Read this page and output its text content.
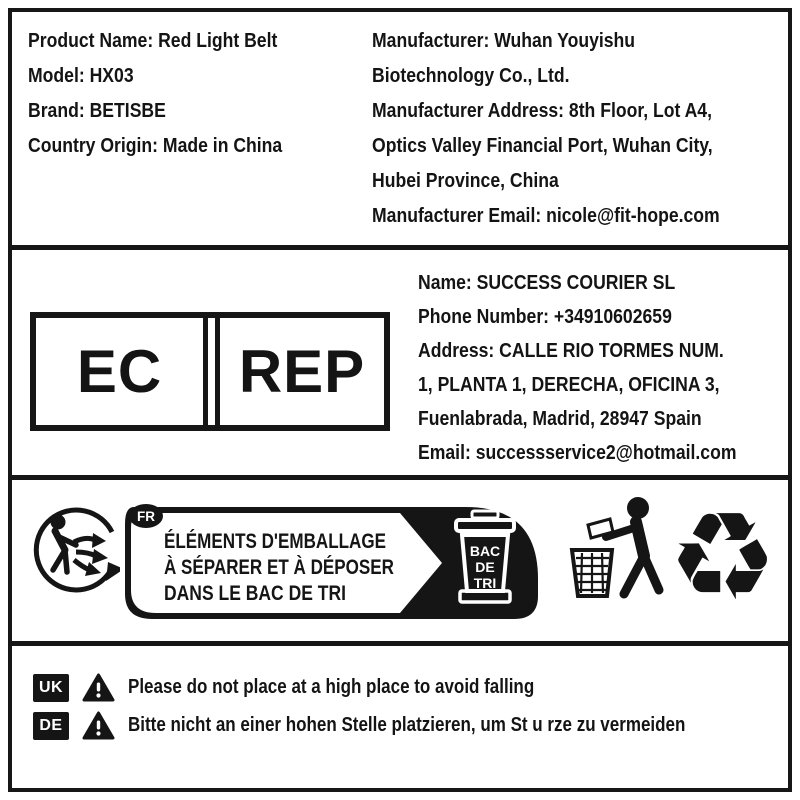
Product Name: Red Light Belt

Model: HX03

Brand: BETISBE

Country Origin: Made in China

Manufacturer: Wuhan Youyishu

Biotechnology Co., Ltd.

Manufacturer Address: 8th Floor, Lot A4,

Optics Valley Financial Port, Wuhan City,

Hubei Province, China

Manufacturer Email: nicole@fit-hope.com

EC	REP

Name: SUCCESS COURIER SL

Phone Number: +34910602659

Address: CALLE RIO TORMES NUM.

1, PLANTA 1, DERECHA, OFICINA 3,

Fuenlabrada, Madrid, 28947 Spain

Email: successservice2@hotmail.com

FR
ÉLÉMENTS D'EMBALLAGE
À SÉPARER ET À DÉPOSER
DANS LE BAC DE TRI
BAC
DE
TRI ♻
UK	Please do not place at a high place to avoid falling
DE	Bitte nicht an einer hohen Stelle platzieren, um St u rze zu vermeiden
